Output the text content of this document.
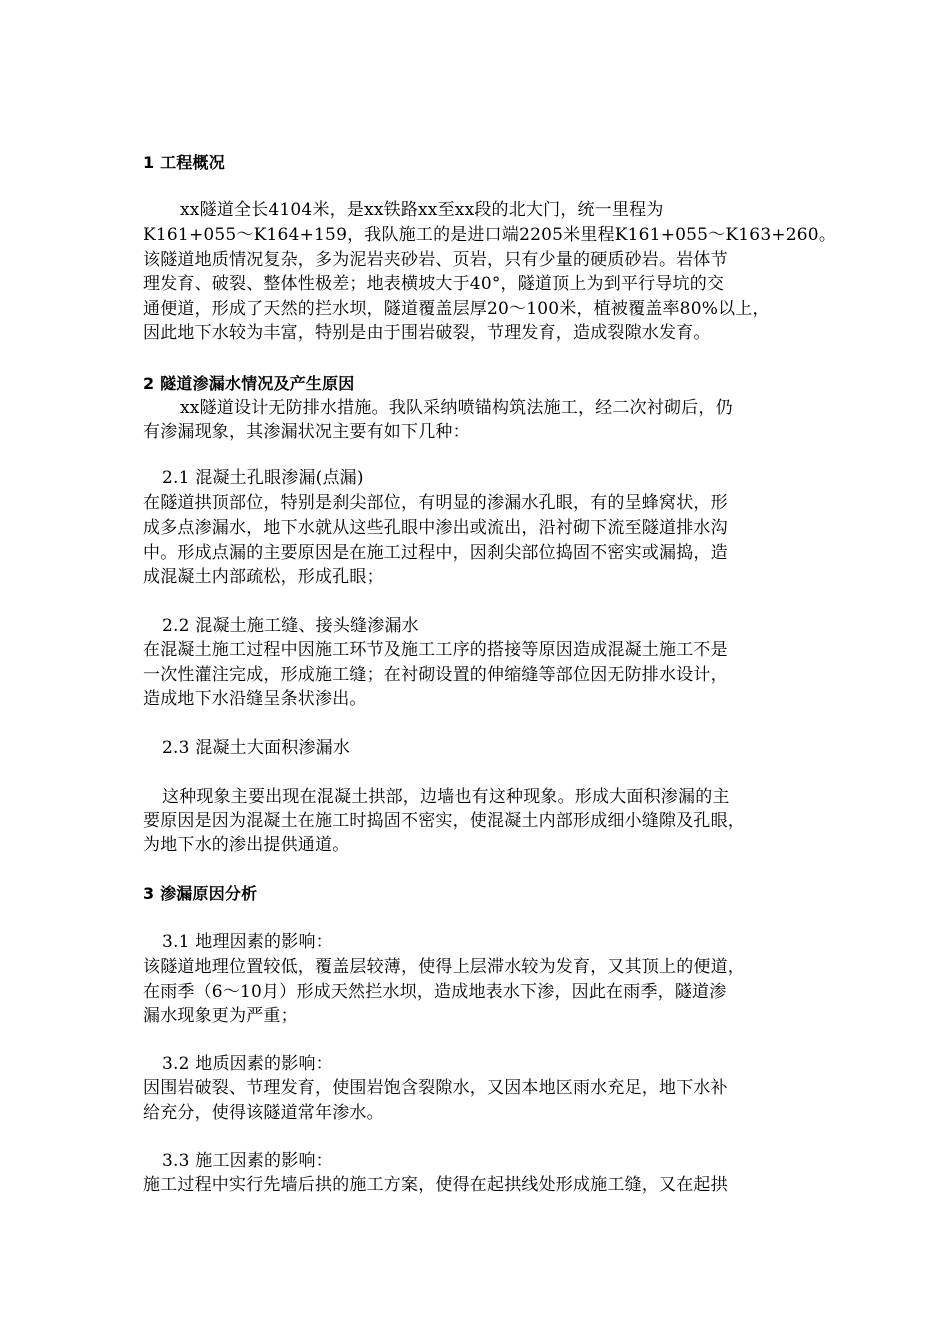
1 工程概况
xx隧道全长4104米，是xx铁路xx至xx段的北大门，统一里程为
K161+055～K164+159，我队施工的是进口端2205米里程K161+055～K163+260。
该隧道地质情况复杂，多为泥岩夹砂岩、页岩，只有少量的硬质砂岩。岩体节
理发育、破裂、整体性极差；地表横坡大于40°，隧道顶上为到平行导坑的交
通便道，形成了天然的拦水坝，隧道覆盖层厚20～100米，植被覆盖率80%以上，
因此地下水较为丰富，特别是由于围岩破裂，节理发育，造成裂隙水发育。
2 隧道渗漏水情况及产生原因
xx隧道设计无防排水措施。我队采纳喷锚构筑法施工，经二次衬砌后，仍
有渗漏现象，其渗漏状况主要有如下几种：
2.1 混凝土孔眼渗漏(点漏)
在隧道拱顶部位，特别是刹尖部位，有明显的渗漏水孔眼，有的呈蜂窝状，形
成多点渗漏水，地下水就从这些孔眼中渗出或流出，沿衬砌下流至隧道排水沟
中。形成点漏的主要原因是在施工过程中，因刹尖部位捣固不密实或漏捣，造
成混凝土内部疏松，形成孔眼；
2.2 混凝土施工缝、接头缝渗漏水
在混凝土施工过程中因施工环节及施工工序的搭接等原因造成混凝土施工不是
一次性灌注完成，形成施工缝；在衬砌设置的伸缩缝等部位因无防排水设计，
造成地下水沿缝呈条状渗出。
2.3 混凝土大面积渗漏水
这种现象主要出现在混凝土拱部，边墙也有这种现象。形成大面积渗漏的主
要原因是因为混凝土在施工时捣固不密实，使混凝土内部形成细小缝隙及孔眼，
为地下水的渗出提供通道。
3 渗漏原因分析
3.1 地理因素的影响：
该隧道地理位置较低，覆盖层较薄，使得上层滞水较为发育，又其顶上的便道，
在雨季（6～10月）形成天然拦水坝，造成地表水下渗，因此在雨季，隧道渗
漏水现象更为严重；
3.2 地质因素的影响：
因围岩破裂、节理发育，使围岩饱含裂隙水，又因本地区雨水充足，地下水补
给充分，使得该隧道常年渗水。
3.3 施工因素的影响：
施工过程中实行先墙后拱的施工方案，使得在起拱线处形成施工缝，又在起拱
